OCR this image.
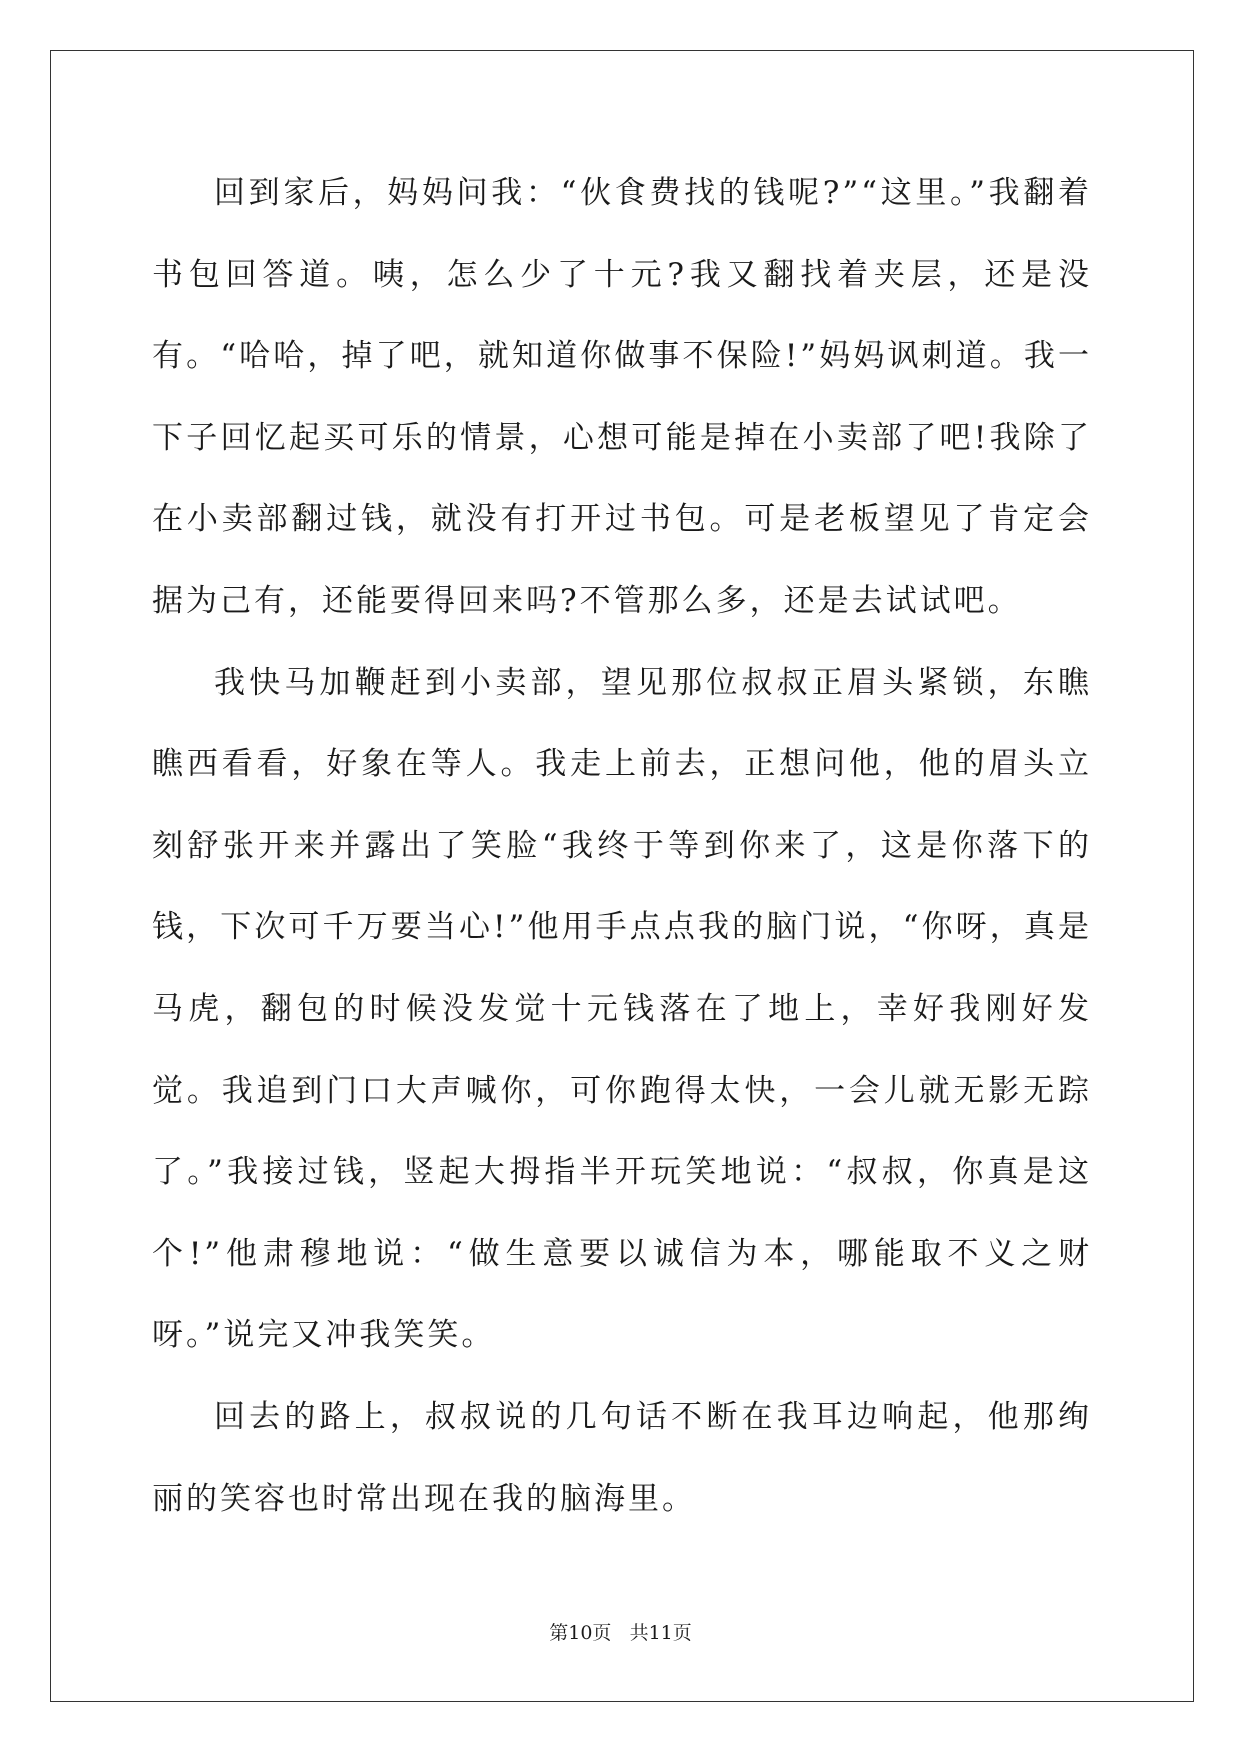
回到家后，妈妈问我：“伙食费找的钱呢?”“这里。”我翻着书包回答道。咦，怎么少了十元?我又翻找着夹层，还是没有。“哈哈，掉了吧，就知道你做事不保险!”妈妈讽刺道。我一下子回忆起买可乐的情景，心想可能是掉在小卖部了吧!我除了在小卖部翻过钱，就没有打开过书包。可是老板望见了肯定会据为己有，还能要得回来吗?不管那么多，还是去试试吧。

我快马加鞭赶到小卖部，望见那位叔叔正眉头紧锁，东瞧瞧西看看，好象在等人。我走上前去，正想问他，他的眉头立刻舒张开来并露出了笑脸“我终于等到你来了，这是你落下的钱，下次可千万要当心!”他用手点点我的脑门说，“你呀，真是马虎，翻包的时候没发觉十元钱落在了地上，幸好我刚好发觉。我追到门口大声喊你，可你跑得太快，一会儿就无影无踪了。”我接过钱，竖起大拇指半开玩笑地说：“叔叔，你真是这个!”他肃穆地说：“做生意要以诚信为本，哪能取不义之财呀。”说完又冲我笑笑。

回去的路上，叔叔说的几句话不断在我耳边响起，他那绚丽的笑容也时常出现在我的脑海里。

第10页 共11页
